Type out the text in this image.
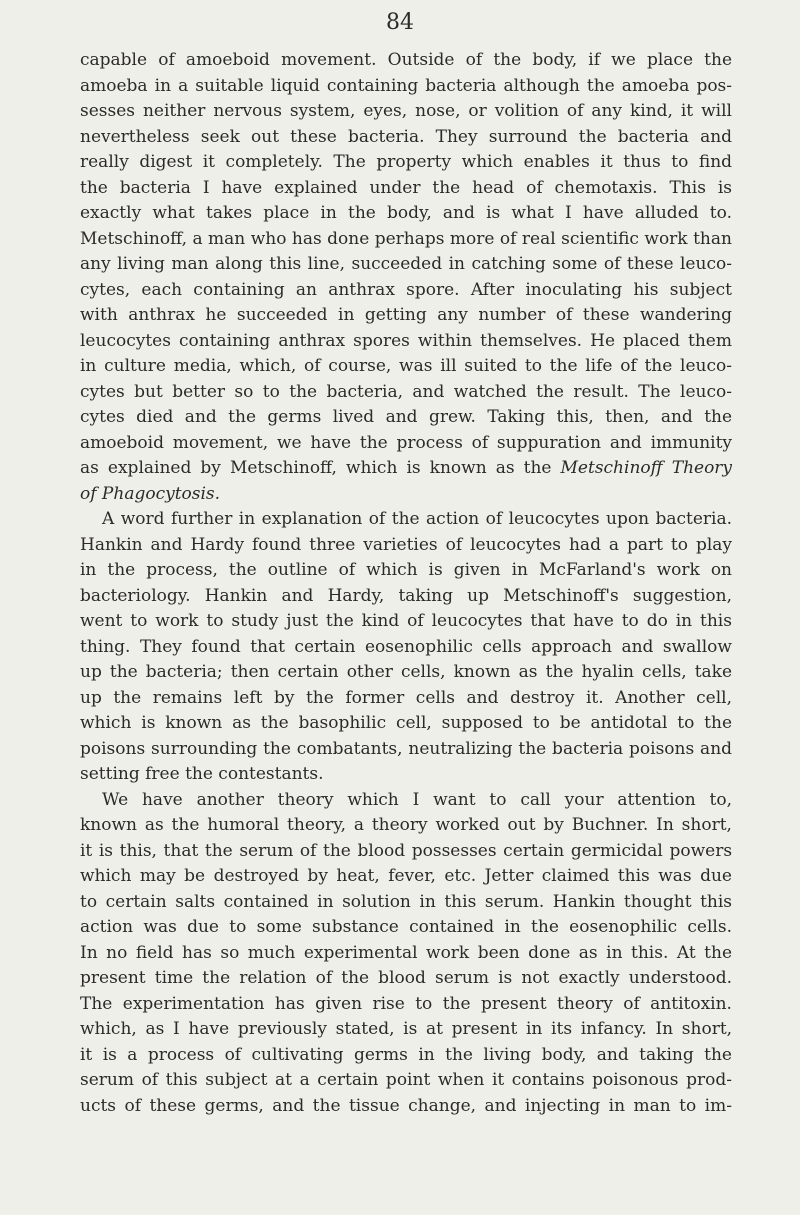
84
capable of amoeboid movement. Outside of the body, if we place the
amoeba in a suitable liquid containing bacteria although the amoeba pos-
sesses neither nervous system, eyes, nose, or volition of any kind, it will
nevertheless seek out these bacteria. They surround the bacteria and
really digest it completely. The property which enables it thus to find
the bacteria I have explained under the head of chemotaxis. This is
exactly what takes place in the body, and is what I have alluded to.
Metschinoff, a man who has done perhaps more of real scientific work than
any living man along this line, succeeded in catching some of these leuco-
cytes, each containing an anthrax spore. After inoculating his subject
with anthrax he succeeded in getting any number of these wandering
leucocytes containing anthrax spores within themselves. He placed them
in culture media, which, of course, was ill suited to the life of the leuco-
cytes but better so to the bacteria, and watched the result. The leuco-
cytes died and the germs lived and grew. Taking this, then, and the
amoeboid movement, we have the process of suppuration and immunity
as explained by Metschinoff, which is known as the Metschinoff Theory
of Phagocytosis.
A word further in explanation of the action of leucocytes upon bacteria.
Hankin and Hardy found three varieties of leucocytes had a part to play
in the process, the outline of which is given in McFarland's work on
bacteriology. Hankin and Hardy, taking up Metschinoff's suggestion,
went to work to study just the kind of leucocytes that have to do in this
thing. They found that certain eosenophilic cells approach and swallow
up the bacteria; then certain other cells, known as the hyalin cells, take
up the remains left by the former cells and destroy it. Another cell,
which is known as the basophilic cell, supposed to be antidotal to the
poisons surrounding the combatants, neutralizing the bacteria poisons and
setting free the contestants.
We have another theory which I want to call your attention to,
known as the humoral theory, a theory worked out by Buchner. In short,
it is this, that the serum of the blood possesses certain germicidal powers
which may be destroyed by heat, fever, etc. Jetter claimed this was due
to certain salts contained in solution in this serum. Hankin thought this
action was due to some substance contained in the eosenophilic cells.
In no field has so much experimental work been done as in this. At the
present time the relation of the blood serum is not exactly understood.
The experimentation has given rise to the present theory of antitoxin.
which, as I have previously stated, is at present in its infancy. In short,
it is a process of cultivating germs in the living body, and taking the
serum of this subject at a certain point when it contains poisonous prod-
ucts of these germs, and the tissue change, and injecting in man to im-
